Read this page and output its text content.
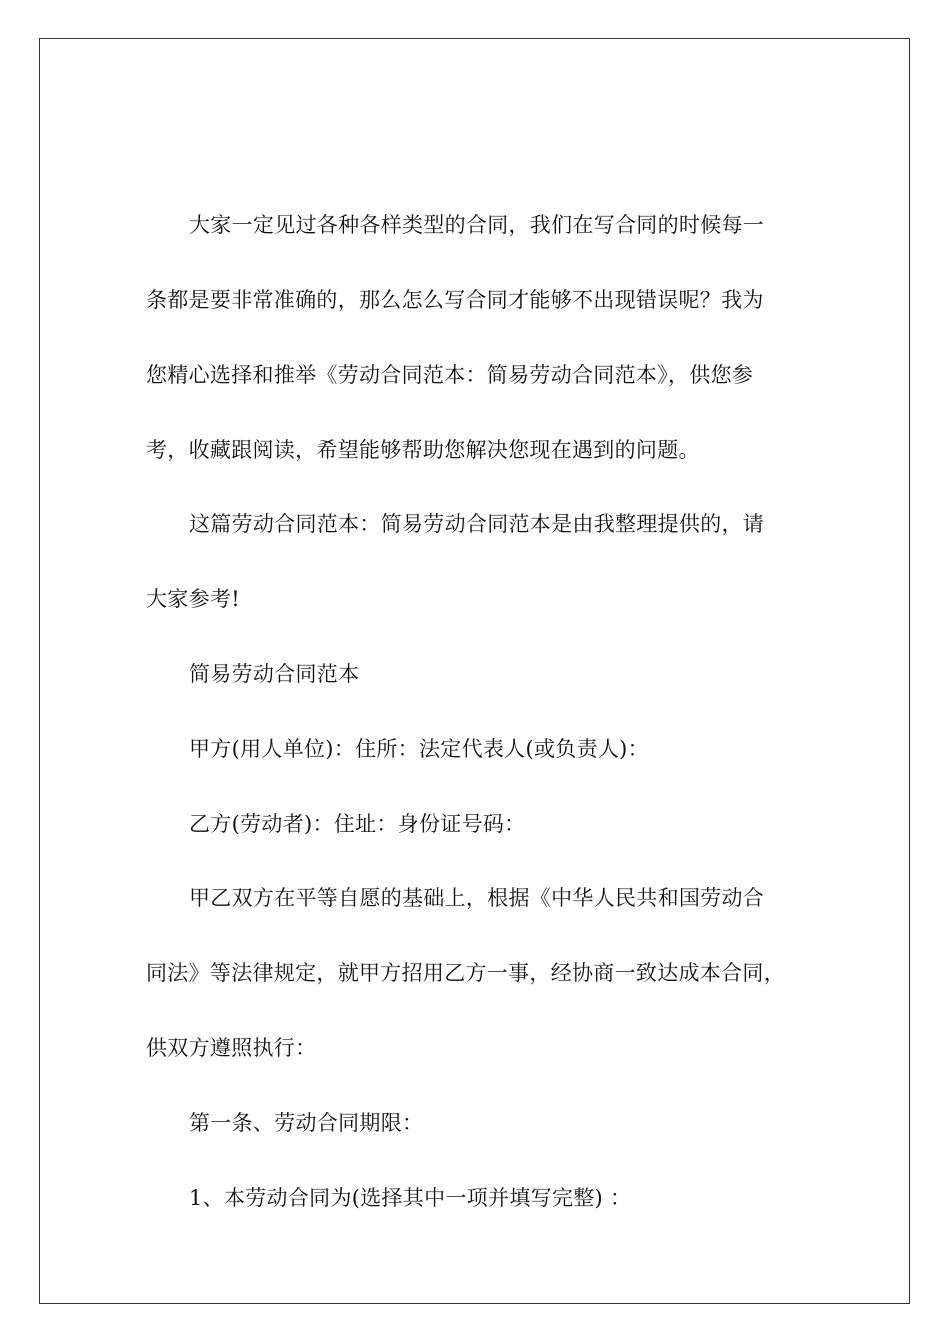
大家一定见过各种各样类型的合同，我们在写合同的时候每一
条都是要非常准确的，那么怎么写合同才能够不出现错误呢？我为
您精心选择和推举《劳动合同范本：简易劳动合同范本》，供您参
考，收藏跟阅读，希望能够帮助您解决您现在遇到的问题。
这篇劳动合同范本：简易劳动合同范本是由我整理提供的，请
大家参考!
简易劳动合同范本
甲方(用人单位)：住所：法定代表人(或负责人)：
乙方(劳动者)：住址：身份证号码：
甲乙双方在平等自愿的基础上，根据《中华人民共和国劳动合
同法》等法律规定，就甲方招用乙方一事，经协商一致达成本合同，
供双方遵照执行：
第一条、劳动合同期限：
1、本劳动合同为(选择其中一项并填写完整) ：
